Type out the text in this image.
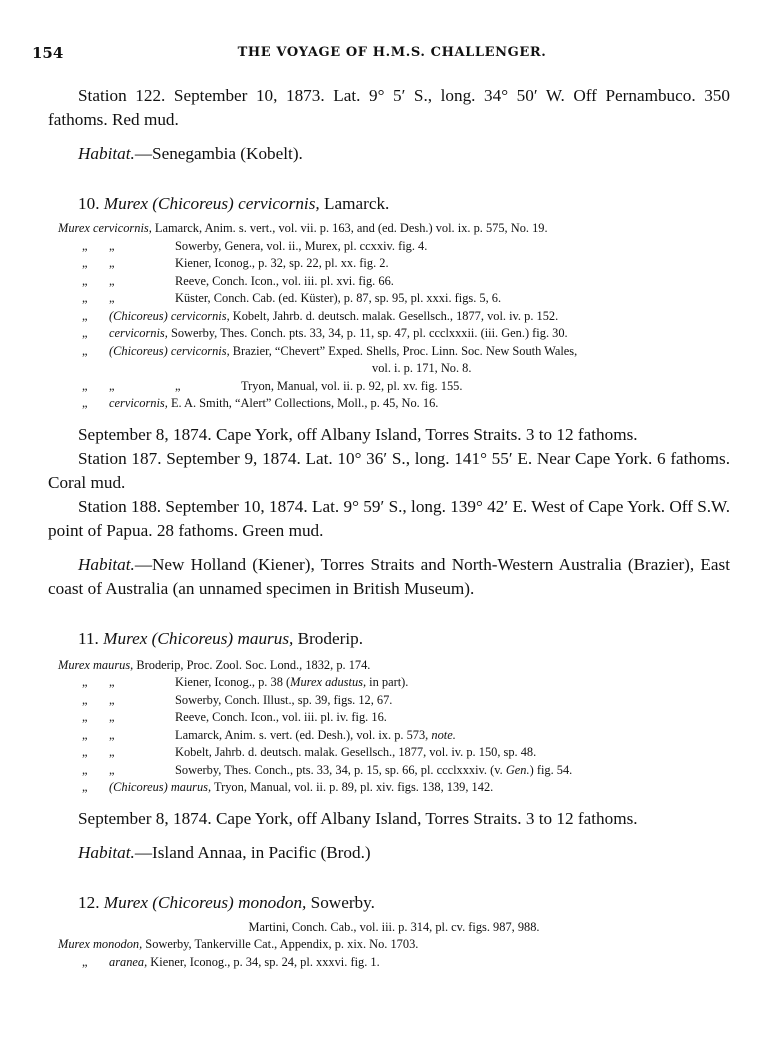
154	THE VOYAGE OF H.M.S. CHALLENGER.

Station 122. September 10, 1873. Lat. 9° 5′ S., long. 34° 50′ W. Off Pernambuco. 350 fathoms. Red mud.

Habitat.—Senegambia (Kobelt).

10. Murex (Chicoreus) cervicornis, Lamarck.

Murex cervicornis, Lamarck, Anim. s. vert., vol. vii. p. 163, and (ed. Desh.) vol. ix. p. 575, No. 19.
„ „	Sowerby, Genera, vol. ii., Murex, pl. ccxxiv. fig. 4.
„ „	Kiener, Iconog., p. 32, sp. 22, pl. xx. fig. 2.
„ „	Reeve, Conch. Icon., vol. iii. pl. xvi. fig. 66.
„ „	Küster, Conch. Cab. (ed. Küster), p. 87, sp. 95, pl. xxxi. figs. 5, 6.
„ (Chicoreus) cervicornis, Kobelt, Jahrb. d. deutsch. malak. Gesellsch., 1877, vol. iv. p. 152.
„ cervicornis, Sowerby, Thes. Conch. pts. 33, 34, p. 11, sp. 47, pl. ccclxxxii. (iii. Gen.) fig. 30.
„ (Chicoreus) cervicornis, Brazier, “Chevert” Exped. Shells, Proc. Linn. Soc. New South Wales,
vol. i. p. 171, No. 8.
„ „	„	Tryon, Manual, vol. ii. p. 92, pl. xv. fig. 155.
„ cervicornis, E. A. Smith, “Alert” Collections, Moll., p. 45, No. 16.

September 8, 1874. Cape York, off Albany Island, Torres Straits. 3 to 12 fathoms.

Station 187. September 9, 1874. Lat. 10° 36′ S., long. 141° 55′ E. Near Cape York. 6 fathoms. Coral mud.

Station 188. September 10, 1874. Lat. 9° 59′ S., long. 139° 42′ E. West of Cape York. Off S.W. point of Papua. 28 fathoms. Green mud.

Habitat.—New Holland (Kiener), Torres Straits and North-Western Australia (Brazier), East coast of Australia (an unnamed specimen in British Museum).

11. Murex (Chicoreus) maurus, Broderip.

Murex maurus, Broderip, Proc. Zool. Soc. Lond., 1832, p. 174.
„ „	Kiener, Iconog., p. 38 (Murex adustus, in part).
„ „	Sowerby, Conch. Illust., sp. 39, figs. 12, 67.
„ „	Reeve, Conch. Icon., vol. iii. pl. iv. fig. 16.
„ „	Lamarck, Anim. s. vert. (ed. Desh.), vol. ix. p. 573, note.
„ „	Kobelt, Jahrb. d. deutsch. malak. Gesellsch., 1877, vol. iv. p. 150, sp. 48.
„ „	Sowerby, Thes. Conch., pts. 33, 34, p. 15, sp. 66, pl. ccclxxxiv. (v. Gen.) fig. 54.
„ (Chicoreus) maurus, Tryon, Manual, vol. ii. p. 89, pl. xiv. figs. 138, 139, 142.

September 8, 1874. Cape York, off Albany Island, Torres Straits. 3 to 12 fathoms.

Habitat.—Island Annaa, in Pacific (Brod.)

12. Murex (Chicoreus) monodon, Sowerby.

Martini, Conch. Cab., vol. iii. p. 314, pl. cv. figs. 987, 988.
Murex monodon, Sowerby, Tankerville Cat., Appendix, p. xix. No. 1703.
„ aranea, Kiener, Iconog., p. 34, sp. 24, pl. xxxvi. fig. 1.
